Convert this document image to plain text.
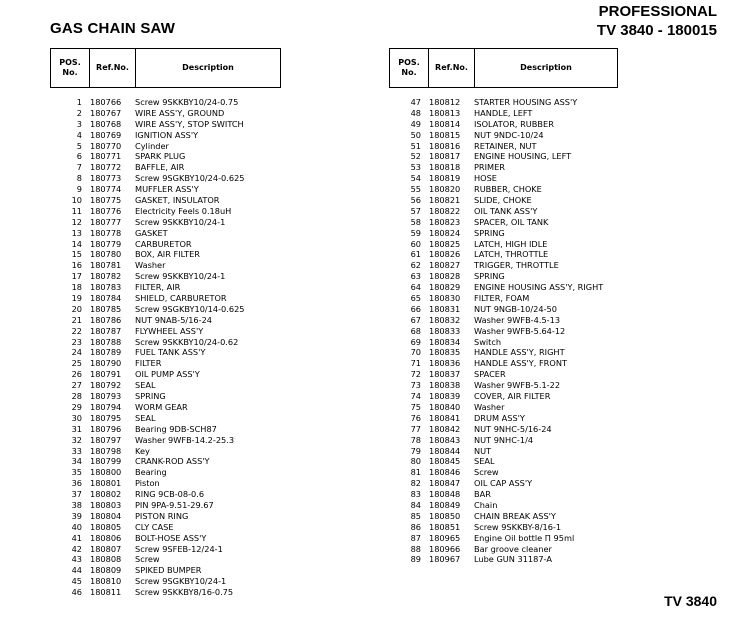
GAS CHAIN SAW
PROFESSIONAL
TV 3840 - 180015
POS. No.
Ref.No.	Description
POS. No.
Ref.No.	Description
1 180766	Screw 9SKKBY10/24-0.75
2 180767	WIRE ASS'Y, GROUND
3 180768	WIRE ASS'Y, STOP SWITCH
4 180769	IGNITION ASS'Y
5 180770	Cylinder
6 180771	SPARK PLUG
7 180772	BAFFLE, AIR
8 180773	Screw 9SGKBY10/24-0.625
9 180774	MUFFLER ASS'Y
10 180775	GASKET, INSULATOR
11 180776	Electricity Feels 0.18uH
12 180777	Screw 9SKKBY10/24-1
13 180778	GASKET
14 180779	CARBURETOR
15 180780	BOX, AIR FILTER
16 180781	Washer
17 180782	Screw 9SKKBY10/24-1
18 180783	FILTER, AIR
19 180784	SHIELD, CARBURETOR
20 180785	Screw 9SGKBY10/14-0.625
21 180786	NUT 9NAB-5/16-24
22 180787	FLYWHEEL ASS'Y
23 180788	Screw 9SKKBY10/24-0.62
24 180789	FUEL TANK ASS'Y
25 180790	FILTER
26 180791	OIL PUMP ASS'Y
27 180792	SEAL
28 180793	SPRING
29 180794	WORM GEAR
30 180795	SEAL
31 180796	Bearing 9DB-SCH87
32 180797	Washer 9WFB-14.2-25.3
33 180798	Key
34 180799	CRANK-ROD ASS'Y
35 180800	Bearing
36 180801	Piston
37 180802	RING 9CB-08-0.6
38 180803	PIN 9PA-9.51-29.67
39 180804	PISTON RING
40 180805	CLY CASE
41 180806	BOLT-HOSE ASS'Y
42 180807	Screw 9SFEB-12/24-1
43 180808	Screw
44 180809	SPIKED BUMPER
45 180810	Screw 9SGKBY10/24-1
46 180811	Screw 9SKKBY8/16-0.75
47 180812	STARTER HOUSING ASS'Y
48 180813	HANDLE, LEFT
49 180814	ISOLATOR, RUBBER
50 180815	NUT 9NDC-10/24
51 180816	RETAINER, NUT
52 180817	ENGINE HOUSING, LEFT
53 180818	PRIMER
54 180819	HOSE
55 180820	RUBBER, CHOKE
56 180821	SLIDE, CHOKE
57 180822	OIL TANK ASS'Y
58 180823	SPACER, OIL TANK
59 180824	SPRING
60 180825	LATCH, HIGH IDLE
61 180826	LATCH, THROTTLE
62 180827	TRIGGER, THROTTLE
63 180828	SPRING
64 180829	ENGINE HOUSING ASS'Y, RIGHT
65 180830	FILTER, FOAM
66 180831	NUT 9NGB-10/24-50
67 180832	Washer 9WFB-4.5-13
68 180833	Washer 9WFB-5.64-12
69 180834	Switch
70 180835	HANDLE ASS'Y, RIGHT
71 180836	HANDLE ASS'Y, FRONT
72 180837	SPACER
73 180838	Washer 9WFB-5.1-22
74 180839	COVER, AIR FILTER
75 180840	Washer
76 180841	DRUM ASS'Y
77 180842	NUT 9NHC-5/16-24
78 180843	NUT 9NHC-1/4
79 180844	NUT
80 180845	SEAL
81 180846	Screw
82 180847	OIL CAP ASS'Y
83 180848	BAR
84 180849	Chain
85 180850	CHAIN BREAK ASS'Y
86 180851	Screw 9SKKBY-8/16-1
87 180965	Engine Oil bottle Π 95ml
88 180966	Bar groove cleaner
89 180967	Lube GUN 31187-A
TV 3840
